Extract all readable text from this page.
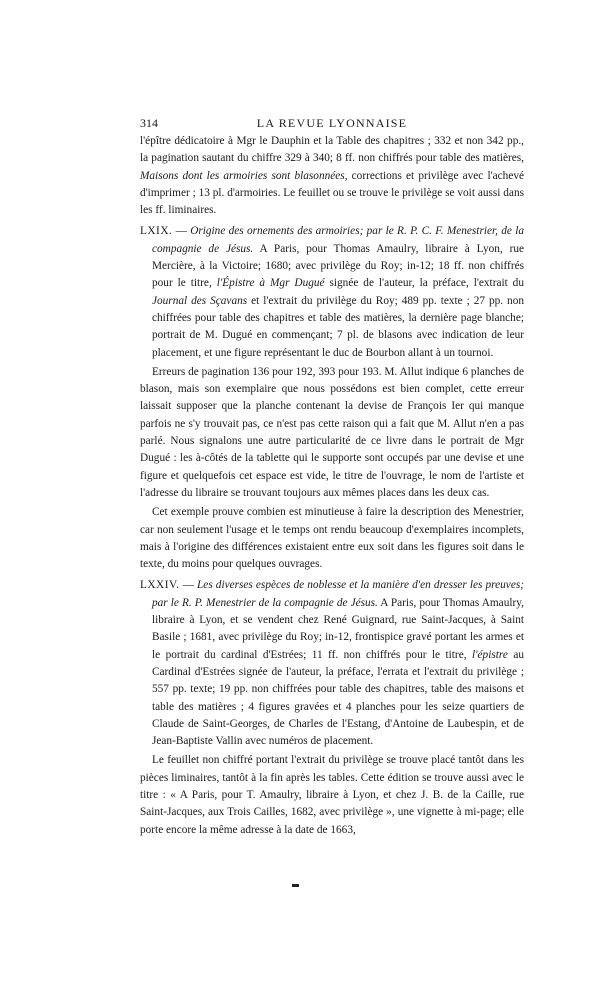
314	LA REVUE LYONNAISE

l'épître dédicatoire à Mgr le Dauphin et la Table des chapitres ; 332 et non 342 pp., la pagination sautant du chiffre 329 à 340; 8 ff. non chiffrés pour table des matières, Maisons dont les armoiries sont blasonnées, corrections et privilège avec l'achevé d'imprimer ; 13 pl. d'armoiries. Le feuillet ou se trouve le privilège se voit aussi dans les ff. liminaires.

LXIX. — Origine des ornements des armoiries; par le R. P. C. F. Menestrier, de la compagnie de Jésus. A Paris, pour Thomas Amaulry, libraire à Lyon, rue Mercière, à la Victoire; 1680; avec privilège du Roy; in-12; 18 ff. non chiffrés pour le titre, l'Épistre à Mgr Dugué signée de l'auteur, la préface, l'extrait du Journal des Sçavans et l'extrait du privilège du Roy; 489 pp. texte ; 27 pp. non chiffrées pour table des chapitres et table des matières, la dernière page blanche; portrait de M. Dugué en commençant; 7 pl. de blasons avec indication de leur placement, et une figure représentant le duc de Bourbon allant à un tournoi.

Erreurs de pagination 136 pour 192, 393 pour 193. M. Allut indique 6 planches de blason, mais son exemplaire que nous possédons est bien complet, cette erreur laissait supposer que la planche contenant la devise de François Ier qui manque parfois ne s'y trouvait pas, ce n'est pas cette raison qui a fait que M. Allut n'en a pas parlé. Nous signalons une autre particularité de ce livre dans le portrait de Mgr Dugué : les à-côtés de la tablette qui le supporte sont occupés par une devise et une figure et quelquefois cet espace est vide, le titre de l'ouvrage, le nom de l'artiste et l'adresse du libraire se trouvant toujours aux mêmes places dans les deux cas.

Cet exemple prouve combien est minutieuse à faire la description des Menestrier, car non seulement l'usage et le temps ont rendu beaucoup d'exemplaires incomplets, mais à l'origine des différences existaient entre eux soit dans les figures soit dans le texte, du moins pour quelques ouvrages.

LXXIV. — Les diverses espèces de noblesse et la manière d'en dresser les preuves; par le R. P. Menestrier de la compagnie de Jésus. A Paris, pour Thomas Amaulry, libraire à Lyon, et se vendent chez René Guignard, rue Saint-Jacques, à Saint Basile ; 1681, avec privilège du Roy; in-12, frontispice gravé portant les armes et le portrait du cardinal d'Estrées; 11 ff. non chiffrés pour le titre, l'épistre au Cardinal d'Estrées signée de l'auteur, la préface, l'errata et l'extrait du privilège ; 557 pp. texte; 19 pp. non chiffrées pour table des chapitres, table des maisons et table des matières ; 4 figures gravées et 4 planches pour les seize quartiers de Claude de Saint-Georges, de Charles de l'Estang, d'Antoine de Laubespin, et de Jean-Baptiste Vallin avec numéros de placement.

Le feuillet non chiffré portant l'extrait du privilège se trouve placé tantôt dans les pièces liminaires, tantôt à la fin après les tables. Cette édition se trouve aussi avec le titre : « A Paris, pour T. Amaulry, libraire à Lyon, et chez J. B. de la Caille, rue Saint-Jacques, aux Trois Cailles, 1682, avec privilège », une vignette à mi-page; elle porte encore la même adresse à la date de 1663,
